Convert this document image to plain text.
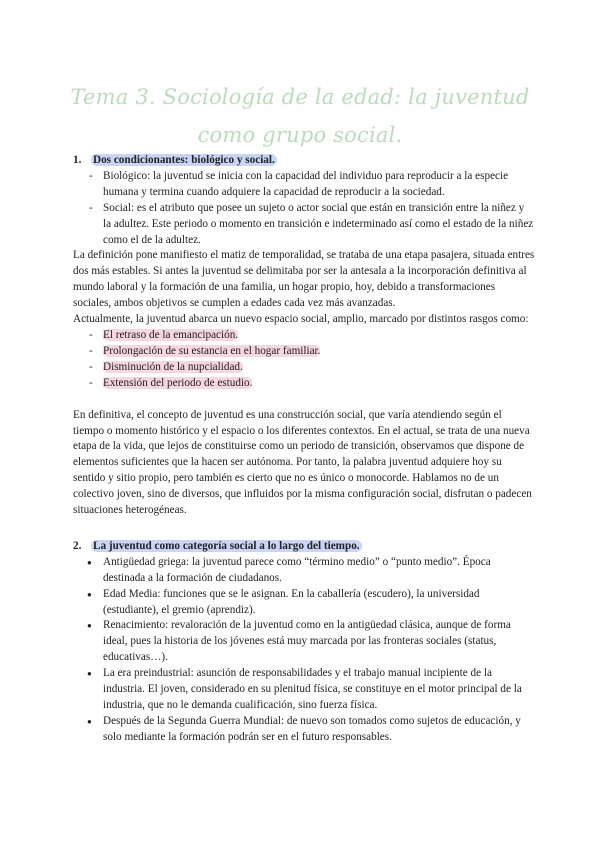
Tema 3. Sociología de la edad: la juventud como grupo social.

1. Dos condicionantes: biológico y social.

- Biológico: la juventud se inicia con la capacidad del individuo para reproducir a la especie humana y termina cuando adquiere la capacidad de reproducir a la sociedad.
- Social: es el atributo que posee un sujeto o actor social que están en transición entre la niñez y la adultez. Este periodo o momento en transición e indeterminado así como el estado de la niñez como el de la adultez.

La definición pone manifiesto el matiz de temporalidad, se trataba de una etapa pasajera, situada entres dos más estables. Si antes la juventud se delimitaba por ser la antesala a la incorporación definitiva al mundo laboral y la formación de una familia, un hogar propio, hoy, debido a transformaciones sociales, ambos objetivos se cumplen a edades cada vez más avanzadas.

Actualmente, la juventud abarca un nuevo espacio social, amplio, marcado por distintos rasgos como:

- El retraso de la emancipación.
- Prolongación de su estancia en el hogar familiar.
- Disminución de la nupcialidad.
- Extensión del periodo de estudio.

En definitiva, el concepto de juventud es una construcción social, que varía atendiendo según el tiempo o momento histórico y el espacio o los diferentes contextos. En el actual, se trata de una nueva etapa de la vida, que lejos de constituirse como un periodo de transición, observamos que dispone de elementos suficientes que la hacen ser autónoma. Por tanto, la palabra juventud adquiere hoy su sentido y sitio propio, pero también es cierto que no es único o monocorde. Hablamos no de un colectivo joven, sino de diversos, que influidos por la misma configuración social, disfrutan o padecen situaciones heterogéneas.

2. La juventud como categoría social a lo largo del tiempo.

● Antigüedad griega: la juventud parece como “término medio” o “punto medio”. Época destinada a la formación de ciudadanos.
● Edad Media: funciones que se le asignan. En la caballería (escudero), la universidad (estudiante), el gremio (aprendiz).
● Renacimiento: revaloración de la juventud como en la antigüedad clásica, aunque de forma ideal, pues la historia de los jóvenes está muy marcada por las fronteras sociales (status, educativas…).
● La era preindustrial: asunción de responsabilidades y el trabajo manual incipiente de la industria. El joven, considerado en su plenitud física, se constituye en el motor principal de la industria, que no le demanda cualificación, sino fuerza física.
● Después de la Segunda Guerra Mundial: de nuevo son tomados como sujetos de educación, y solo mediante la formación podrán ser en el futuro responsables.
